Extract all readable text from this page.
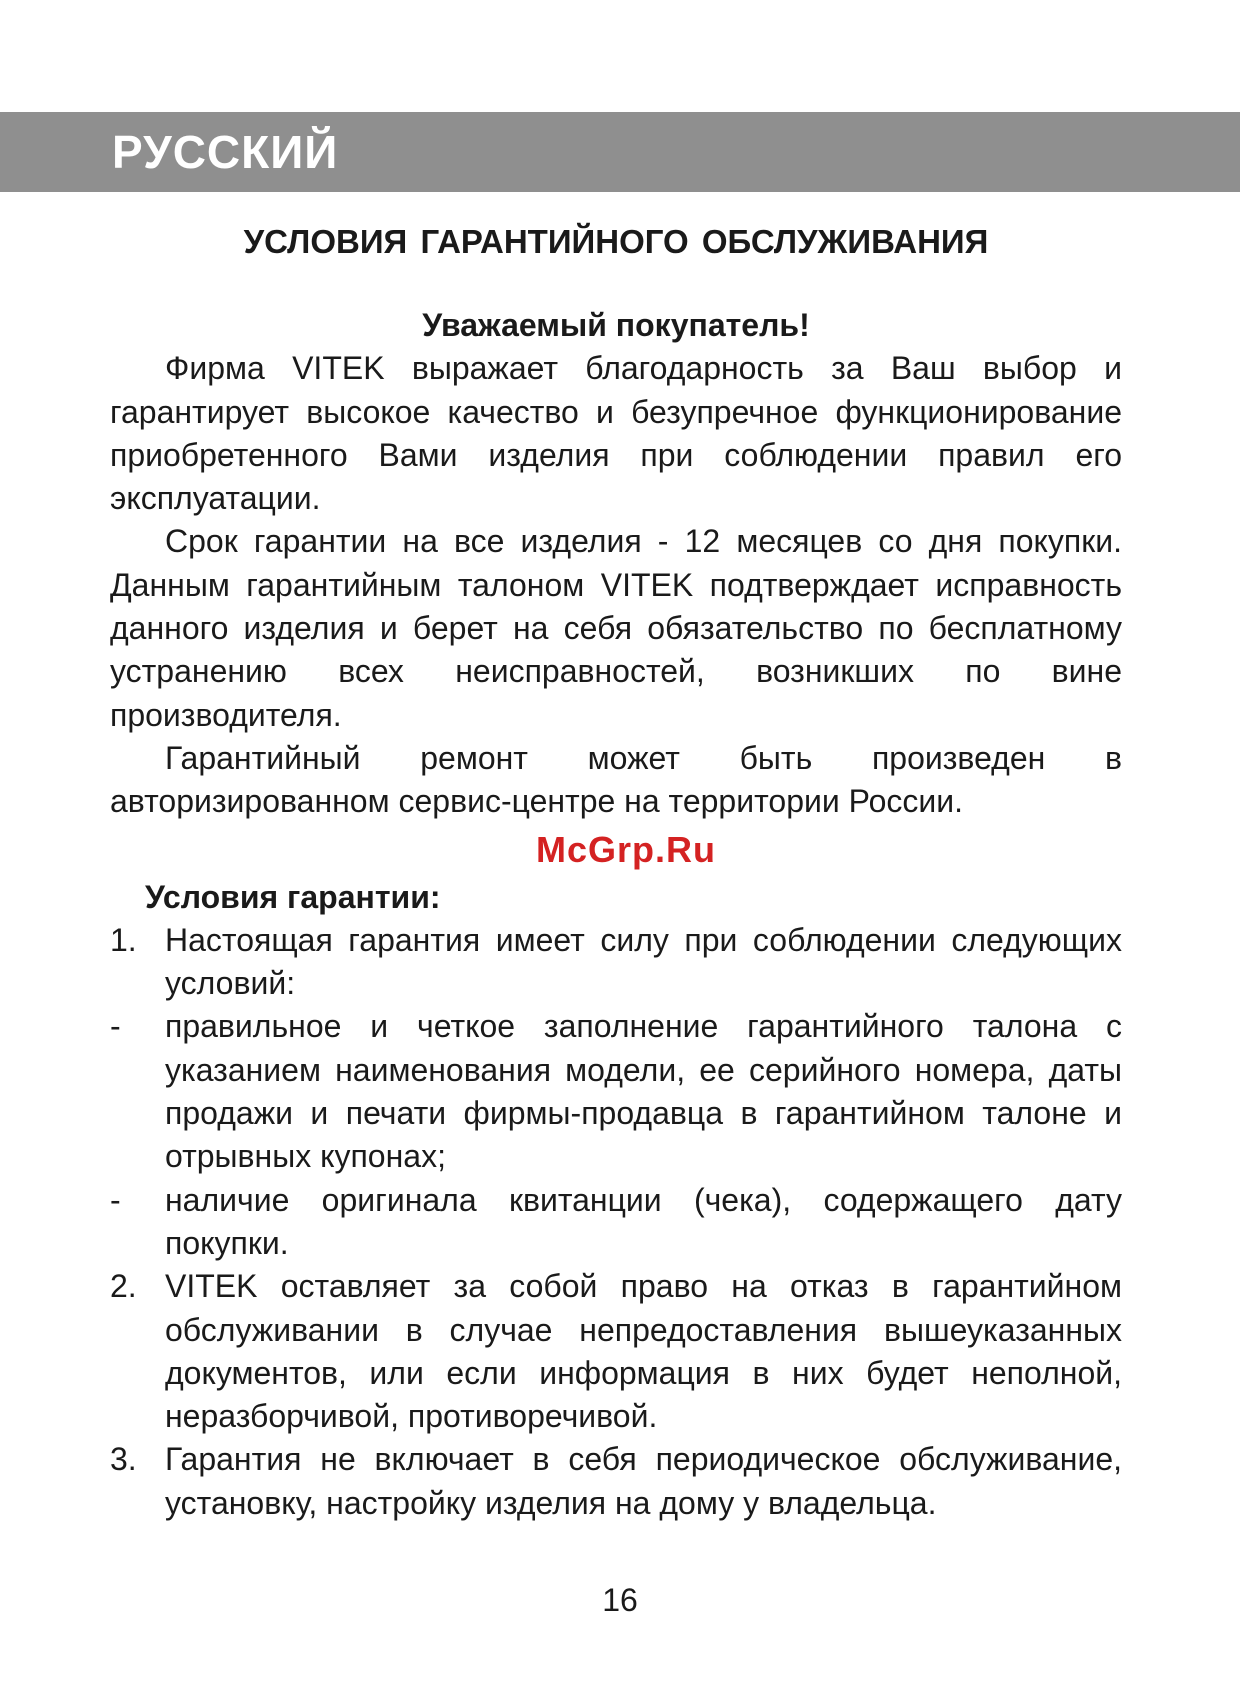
РУССКИЙ
УСЛОВИЯ ГАРАНТИЙНОГО ОБСЛУЖИВАНИЯ

Уважаемый покупатель!

Фирма VITEK выражает благодарность за Ваш выбор и гарантирует высокое качество и безупречное функционирование приобретенного Вами изделия при соблюдении правил его эксплуатации.

Срок гарантии на все изделия - 12 месяцев со дня покупки. Данным гарантийным талоном VITEK подтверждает исправность данного изделия и берет на себя обязательство по бесплатному устранению всех неисправностей, возникших по вине производителя.

Гарантийный ремонт может быть произведен в авторизированном сервис-центре на территории России.

McGrp.Ru

Условия гарантии:

1. Настоящая гарантия имеет силу при соблюдении следующих условий:
- правильное и четкое заполнение гарантийного талона с указанием наименования модели, ее серийного номера, даты продажи и печати фирмы-продавца в гарантийном талоне и отрывных купонах;
- наличие оригинала квитанции (чека), содержащего дату покупки.
2. VITEK оставляет за собой право на отказ в гарантийном обслуживании в случае непредоставления вышеуказанных документов, или если информация в них будет неполной, неразборчивой, противоречивой.
3. Гарантия не включает в себя периодическое обслуживание, установку, настройку изделия на дому у владельца.
16
